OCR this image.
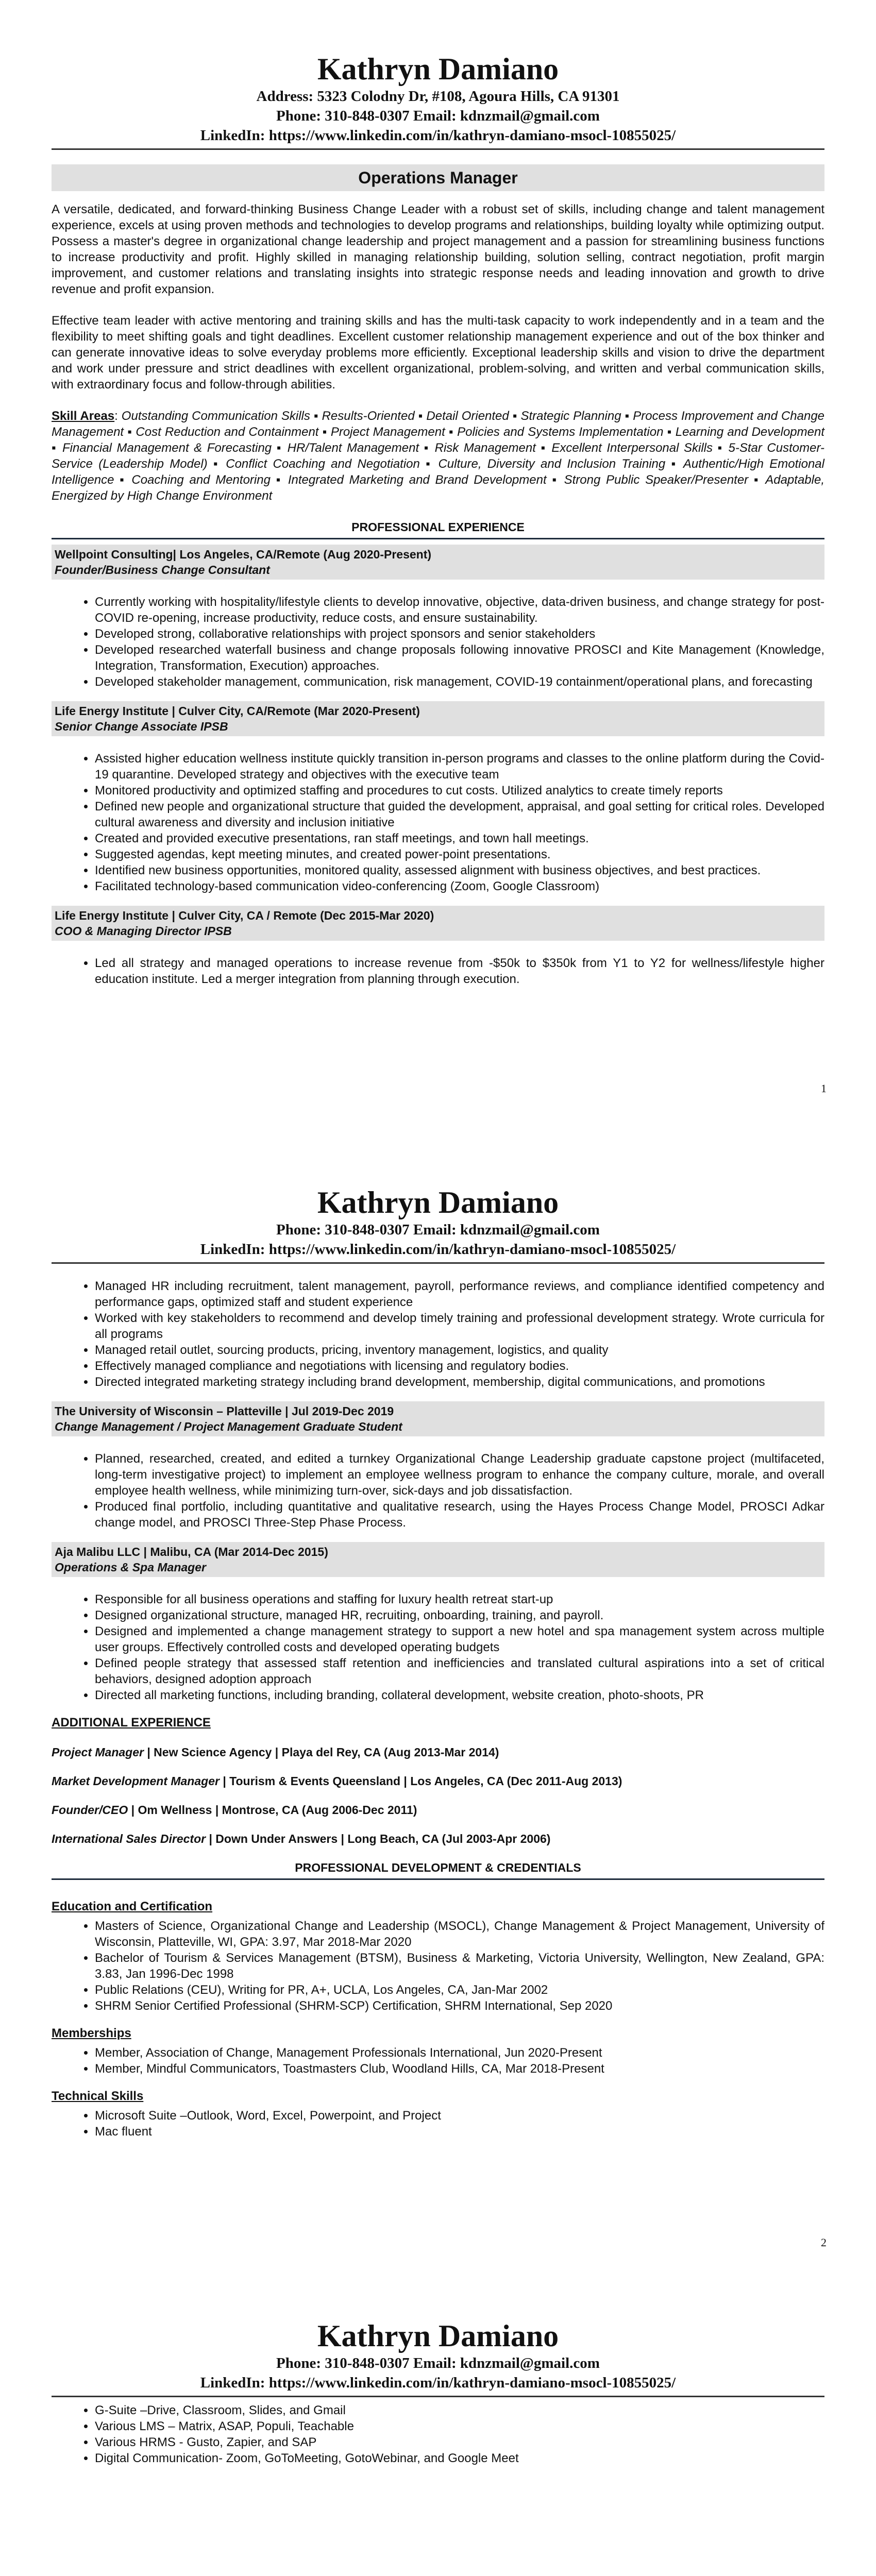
Kathryn Damiano
Address: 5323 Colodny Dr, #108, Agoura Hills, CA 91301
Phone: 310-848-0307 Email: kdnzmail@gmail.com
LinkedIn: https://www.linkedin.com/in/kathryn-damiano-msocl-10855025/
Operations Manager

A versatile, dedicated, and forward-thinking Business Change Leader with a robust set of skills, including change and talent management experience, excels at using proven methods and technologies to develop programs and relationships, building loyalty while optimizing output. Possess a master's degree in organizational change leadership and project management and a passion for streamlining business functions to increase productivity and profit. Highly skilled in managing relationship building, solution selling, contract negotiation, profit margin improvement, and customer relations and translating insights into strategic response needs and leading innovation and growth to drive revenue and profit expansion.

Effective team leader with active mentoring and training skills and has the multi-task capacity to work independently and in a team and the flexibility to meet shifting goals and tight deadlines. Excellent customer relationship management experience and out of the box thinker and can generate innovative ideas to solve everyday problems more efficiently. Exceptional leadership skills and vision to drive the department and work under pressure and strict deadlines with excellent organizational, problem-solving, and written and verbal communication skills, with extraordinary focus and follow-through abilities.

Skill Areas: Outstanding Communication Skills ▪ Results-Oriented ▪ Detail Oriented ▪ Strategic Planning ▪ Process Improvement and Change Management ▪ Cost Reduction and Containment ▪ Project Management ▪ Policies and Systems Implementation ▪ Learning and Development ▪ Financial Management & Forecasting ▪ HR/Talent Management ▪ Risk Management ▪ Excellent Interpersonal Skills ▪ 5-Star Customer-Service (Leadership Model) ▪ Conflict Coaching and Negotiation ▪ Culture, Diversity and Inclusion Training ▪ Authentic/High Emotional Intelligence ▪ Coaching and Mentoring ▪ Integrated Marketing and Brand Development ▪ Strong Public Speaker/Presenter ▪ Adaptable, Energized by High Change Environment

PROFESSIONAL EXPERIENCE
Wellpoint Consulting| Los Angeles, CA/Remote (Aug 2020-Present)
Founder/Business Change Consultant
• Currently working with hospitality/lifestyle clients to develop innovative, objective, data-driven business, and change strategy for post-COVID re-opening, increase productivity, reduce costs, and ensure sustainability.
• Developed strong, collaborative relationships with project sponsors and senior stakeholders
• Developed researched waterfall business and change proposals following innovative PROSCI and Kite Management (Knowledge, Integration, Transformation, Execution) approaches.
• Developed stakeholder management, communication, risk management, COVID-19 containment/operational plans, and forecasting
Life Energy Institute | Culver City, CA/Remote (Mar 2020-Present)
Senior Change Associate IPSB
• Assisted higher education wellness institute quickly transition in-person programs and classes to the online platform during the Covid-19 quarantine. Developed strategy and objectives with the executive team
• Monitored productivity and optimized staffing and procedures to cut costs. Utilized analytics to create timely reports
• Defined new people and organizational structure that guided the development, appraisal, and goal setting for critical roles. Developed cultural awareness and diversity and inclusion initiative
• Created and provided executive presentations, ran staff meetings, and town hall meetings.
• Suggested agendas, kept meeting minutes, and created power-point presentations.
• Identified new business opportunities, monitored quality, assessed alignment with business objectives, and best practices.
• Facilitated technology-based communication video-conferencing (Zoom, Google Classroom)
Life Energy Institute | Culver City, CA / Remote (Dec 2015-Mar 2020)
COO & Managing Director IPSB
• Led all strategy and managed operations to increase revenue from -$50k to $350k from Y1 to Y2 for wellness/lifestyle higher education institute. Led a merger integration from planning through execution.
1
Kathryn Damiano
Phone: 310-848-0307 Email: kdnzmail@gmail.com
LinkedIn: https://www.linkedin.com/in/kathryn-damiano-msocl-10855025/
• Managed HR including recruitment, talent management, payroll, performance reviews, and compliance identified competency and performance gaps, optimized staff and student experience
• Worked with key stakeholders to recommend and develop timely training and professional development strategy. Wrote curricula for all programs
• Managed retail outlet, sourcing products, pricing, inventory management, logistics, and quality
• Effectively managed compliance and negotiations with licensing and regulatory bodies.
• Directed integrated marketing strategy including brand development, membership, digital communications, and promotions
The University of Wisconsin – Platteville | Jul 2019-Dec 2019
Change Management / Project Management Graduate Student
• Planned, researched, created, and edited a turnkey Organizational Change Leadership graduate capstone project (multifaceted, long-term investigative project) to implement an employee wellness program to enhance the company culture, morale, and overall employee health wellness, while minimizing turn-over, sick-days and job dissatisfaction.
• Produced final portfolio, including quantitative and qualitative research, using the Hayes Process Change Model, PROSCI Adkar change model, and PROSCI Three-Step Phase Process.
Aja Malibu LLC | Malibu, CA (Mar 2014-Dec 2015)
Operations & Spa Manager
• Responsible for all business operations and staffing for luxury health retreat start-up
• Designed organizational structure, managed HR, recruiting, onboarding, training, and payroll.
• Designed and implemented a change management strategy to support a new hotel and spa management system across multiple user groups. Effectively controlled costs and developed operating budgets
• Defined people strategy that assessed staff retention and inefficiencies and translated cultural aspirations into a set of critical behaviors, designed adoption approach
• Directed all marketing functions, including branding, collateral development, website creation, photo-shoots, PR
ADDITIONAL EXPERIENCE
Project Manager | New Science Agency | Playa del Rey, CA (Aug 2013-Mar 2014)
Market Development Manager | Tourism & Events Queensland | Los Angeles, CA (Dec 2011-Aug 2013)
Founder/CEO | Om Wellness | Montrose, CA (Aug 2006-Dec 2011)
International Sales Director | Down Under Answers | Long Beach, CA (Jul 2003-Apr 2006)
PROFESSIONAL DEVELOPMENT & CREDENTIALS
Education and Certification
• Masters of Science, Organizational Change and Leadership (MSOCL), Change Management & Project Management, University of Wisconsin, Platteville, WI, GPA: 3.97, Mar 2018-Mar 2020
• Bachelor of Tourism & Services Management (BTSM), Business & Marketing, Victoria University, Wellington, New Zealand, GPA: 3.83, Jan 1996-Dec 1998
• Public Relations (CEU), Writing for PR, A+, UCLA, Los Angeles, CA, Jan-Mar 2002
• SHRM Senior Certified Professional (SHRM-SCP) Certification, SHRM International, Sep 2020
Memberships
• Member, Association of Change, Management Professionals International, Jun 2020-Present
• Member, Mindful Communicators, Toastmasters Club, Woodland Hills, CA, Mar 2018-Present
Technical Skills
• Microsoft Suite –Outlook, Word, Excel, Powerpoint, and Project
• Mac fluent
2
Kathryn Damiano
Phone: 310-848-0307 Email: kdnzmail@gmail.com
LinkedIn: https://www.linkedin.com/in/kathryn-damiano-msocl-10855025/
• G-Suite –Drive, Classroom, Slides, and Gmail
• Various LMS – Matrix, ASAP, Populi, Teachable
• Various HRMS - Gusto, Zapier, and SAP
• Digital Communication- Zoom, GoToMeeting, GotoWebinar, and Google Meet
